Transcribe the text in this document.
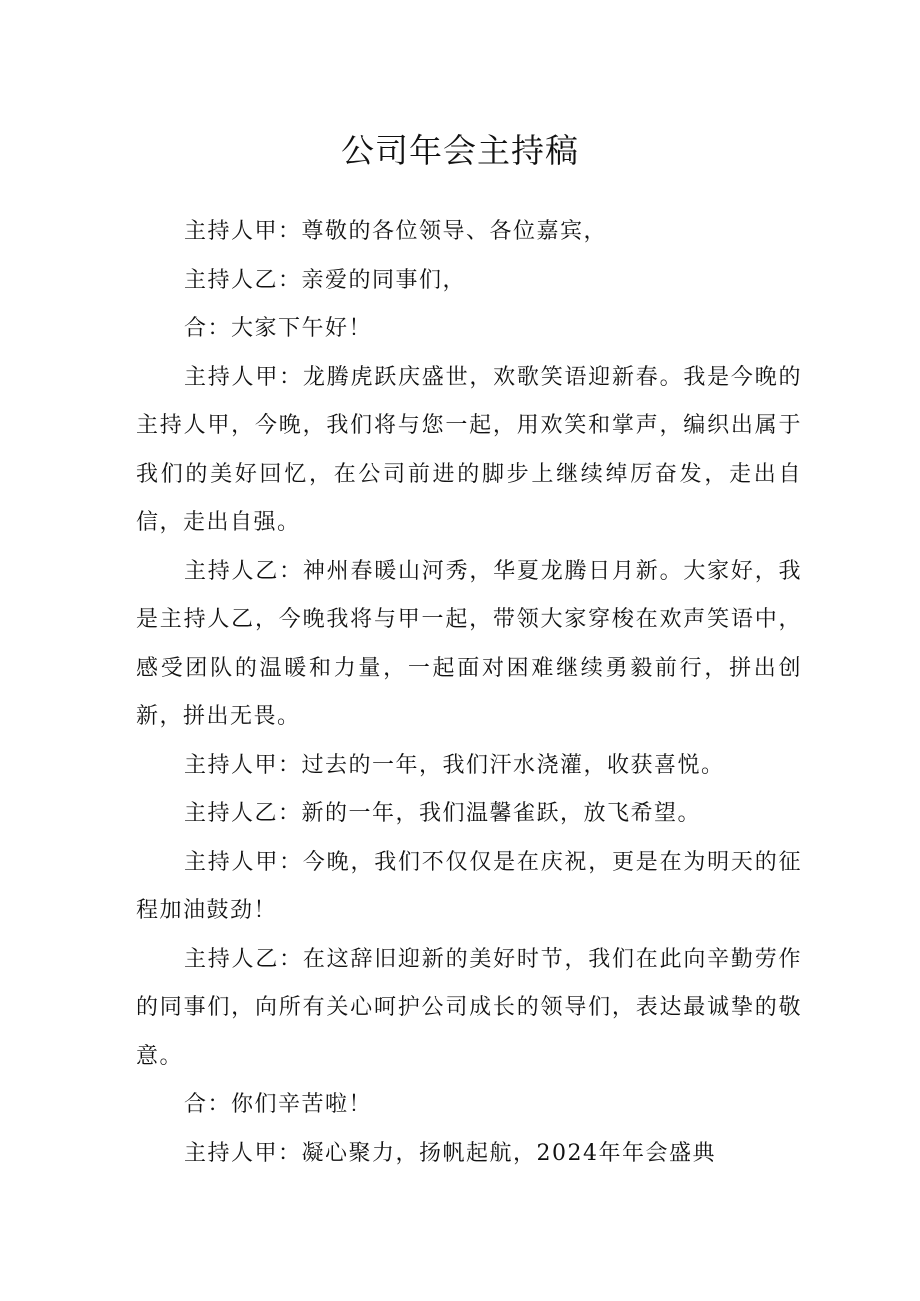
公司年会主持稿

主持人甲：尊敬的各位领导、各位嘉宾，

主持人乙：亲爱的同事们，

合：大家下午好！

主持人甲：龙腾虎跃庆盛世，欢歌笑语迎新春。我是今晚的主持人甲，今晚，我们将与您一起，用欢笑和掌声，编织出属于我们的美好回忆，在公司前进的脚步上继续绰厉奋发，走出自信，走出自强。

主持人乙：神州春暖山河秀，华夏龙腾日月新。大家好，我是主持人乙，今晚我将与甲一起，带领大家穿梭在欢声笑语中，感受团队的温暖和力量，一起面对困难继续勇毅前行，拼出创新，拼出无畏。

主持人甲：过去的一年，我们汗水浇灌，收获喜悦。

主持人乙：新的一年，我们温馨雀跃，放飞希望。

主持人甲：今晚，我们不仅仅是在庆祝，更是在为明天的征程加油鼓劲！

主持人乙：在这辞旧迎新的美好时节，我们在此向辛勤劳作的同事们，向所有关心呵护公司成长的领导们，表达最诚挚的敬意。

合：你们辛苦啦！

主持人甲：凝心聚力，扬帆起航，2024年年会盛典
